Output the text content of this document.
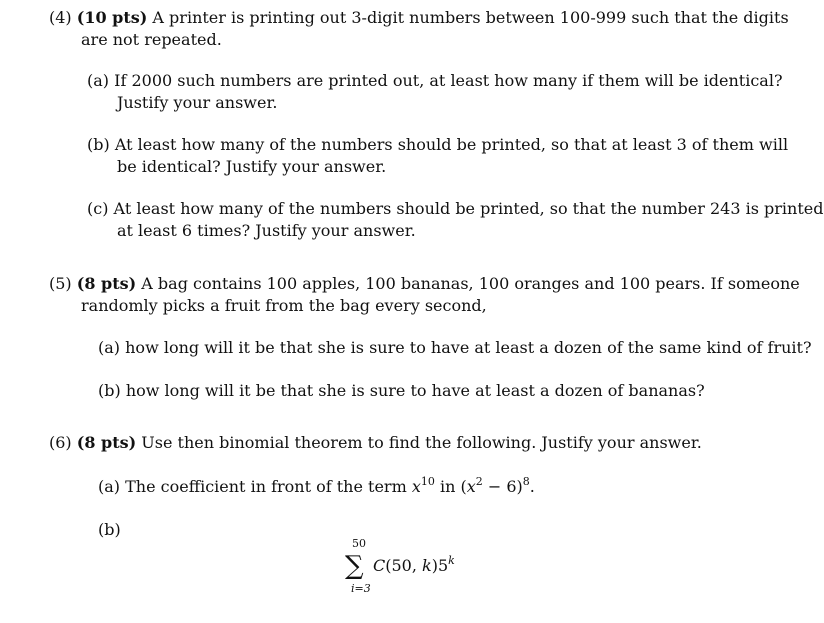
(4) (10 pts) A printer is printing out 3-digit numbers between 100-999 such that the digits
are not repeated.
(a) If 2000 such numbers are printed out, at least how many if them will be identical?
Justify your answer.
(b) At least how many of the numbers should be printed, so that at least 3 of them will
be identical? Justify your answer.
(c) At least how many of the numbers should be printed, so that the number 243 is printed
at least 6 times? Justify your answer.
(5) (8 pts) A bag contains 100 apples, 100 bananas, 100 oranges and 100 pears. If someone
randomly picks a fruit from the bag every second,
(a) how long will it be that she is sure to have at least a dozen of the same kind of fruit?
(b) how long will it be that she is sure to have at least a dozen of bananas?
(6) (8 pts) Use then binomial theorem to find the following. Justify your answer.
(a) The coefficient in front of the term $x^{10}$ in $(x^2 - 6)^8$.
(b)
50
∑
i=3
C(50, k)5$^k$
